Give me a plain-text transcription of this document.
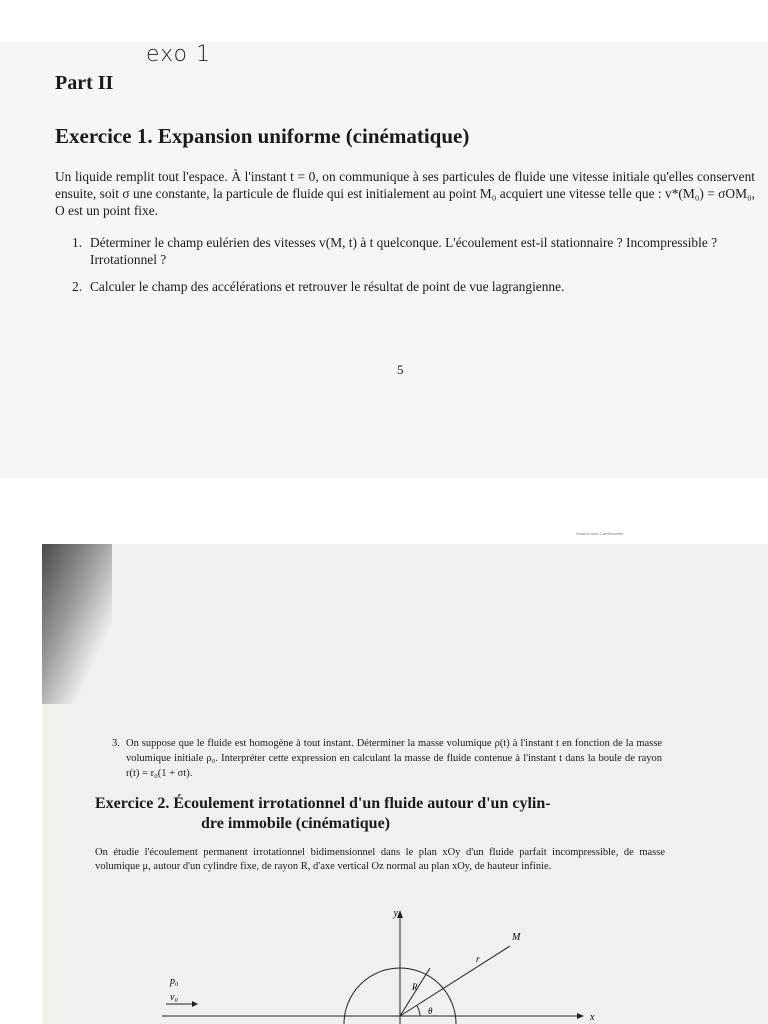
exo 1
Part II
Exercice 1. Expansion uniforme (cinématique)
Un liquide remplit tout l'espace. À l'instant t = 0, on communique à ses particules de fluide une vitesse initiale qu'elles conservent ensuite, soit σ une constante, la particule de fluide qui est initialement au point M₀ acquiert une vitesse telle que : v*(M₀) = σOM₀, O est un point fixe.
1. Déterminer le champ eulérien des vitesses v(M, t) à t quelconque. L'écoulement est-il stationnaire ? Incompressible ? Irrotationnel ?
2. Calculer le champ des accélérations et retrouver le résultat de point de vue lagrangienne.
5
Scanné avec CamScanner
3. On suppose que le fluide est homogène à tout instant. Déterminer la masse volumique ρ(t) à l'instant t en fonction de la masse volumique initiale ρ₀. Interpréter cette expression en calculant la masse de fluide contenue à l'instant t dans la boule de rayon r(t) = r₀(1 + σt).
Exercice 2. Écoulement irrotationnel d'un fluide autour d'un cylin-
dre immobile (cinématique)
On étudie l'écoulement permanent irrotationnel bidimensionnel dans le plan xOy d'un fluide parfait incompressible, de masse volumique μ, autour d'un cylindre fixe, de rayon R, d'axe vertical Oz normal au plan xOy, de hauteur infinie.
y
x
M
R
r
θ
p₀
v₀
